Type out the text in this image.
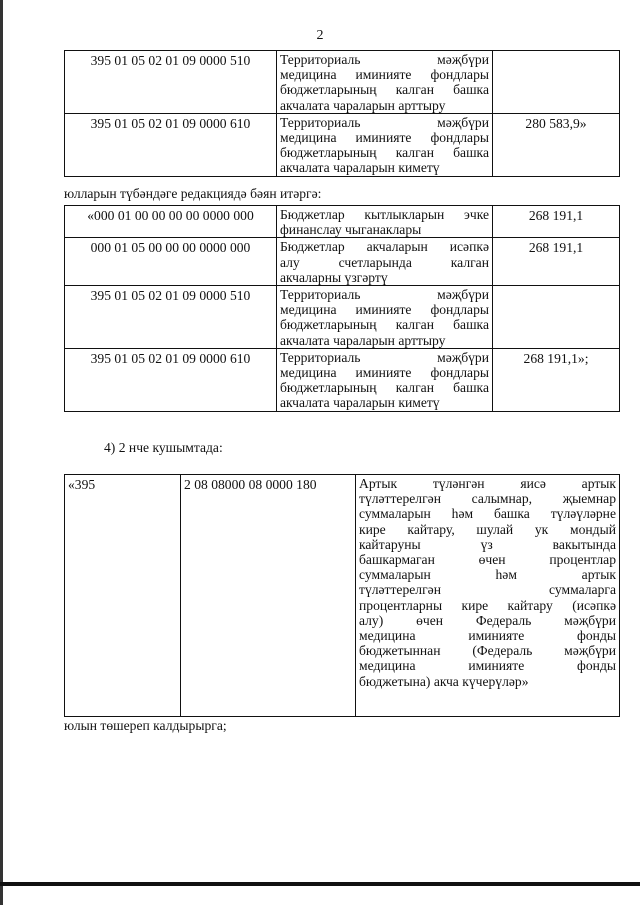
2
395 01 05 02 01 09 0000 510	Территориаль мәҗбүри
медицина иминияте фондлары
бюджетларының калган башка
акчалата чараларын арттыру	

395 01 05 02 01 09 0000 610	Территориаль мәҗбүри
медицина иминияте фондлары
бюджетларының калган башка
акчалата чараларын киметү	280 583,9»
юлларын түбәндәге редакциядә бәян итәргә:
«000 01 00 00 00 00 0000 000	Бюджетлар кытлыкларын эчке
финанслау чыганаклары	268 191,1
000 01 05 00 00 00 0000 000	Бюджетлар акчаларын исәпкә
алу счетларында калган
акчаларны үзгәртү	268 191,1
395 01 05 02 01 09 0000 510	Территориаль мәҗбүри
медицина иминияте фондлары
бюджетларының калган башка
акчалата чараларын арттыру	

395 01 05 02 01 09 0000 610	Территориаль мәҗбүри
медицина иминияте фондлары
бюджетларының калган башка
акчалата чараларын киметү	268 191,1»;
4) 2 нче кушымтада:
«395	2 08 08000 08 0000 180	Артык түләнгән яисә артык
түләттерелгән салымнар, җыемнар
суммаларын һәм башка түләүләрне
кире кайтару, шулай ук мондый
кайтаруны үз вакытында
башкармаган өчен процентлар
суммаларын һәм артык
түләттерелгән суммаларга
процентларны кире кайтару (исәпкә
алу) өчен Федераль мәҗбүри
медицина иминияте фонды
бюджетыннан (Федераль мәҗбүри
медицина иминияте фонды
бюджетына) акча күчерүләр»
юлын төшереп калдырырга;
